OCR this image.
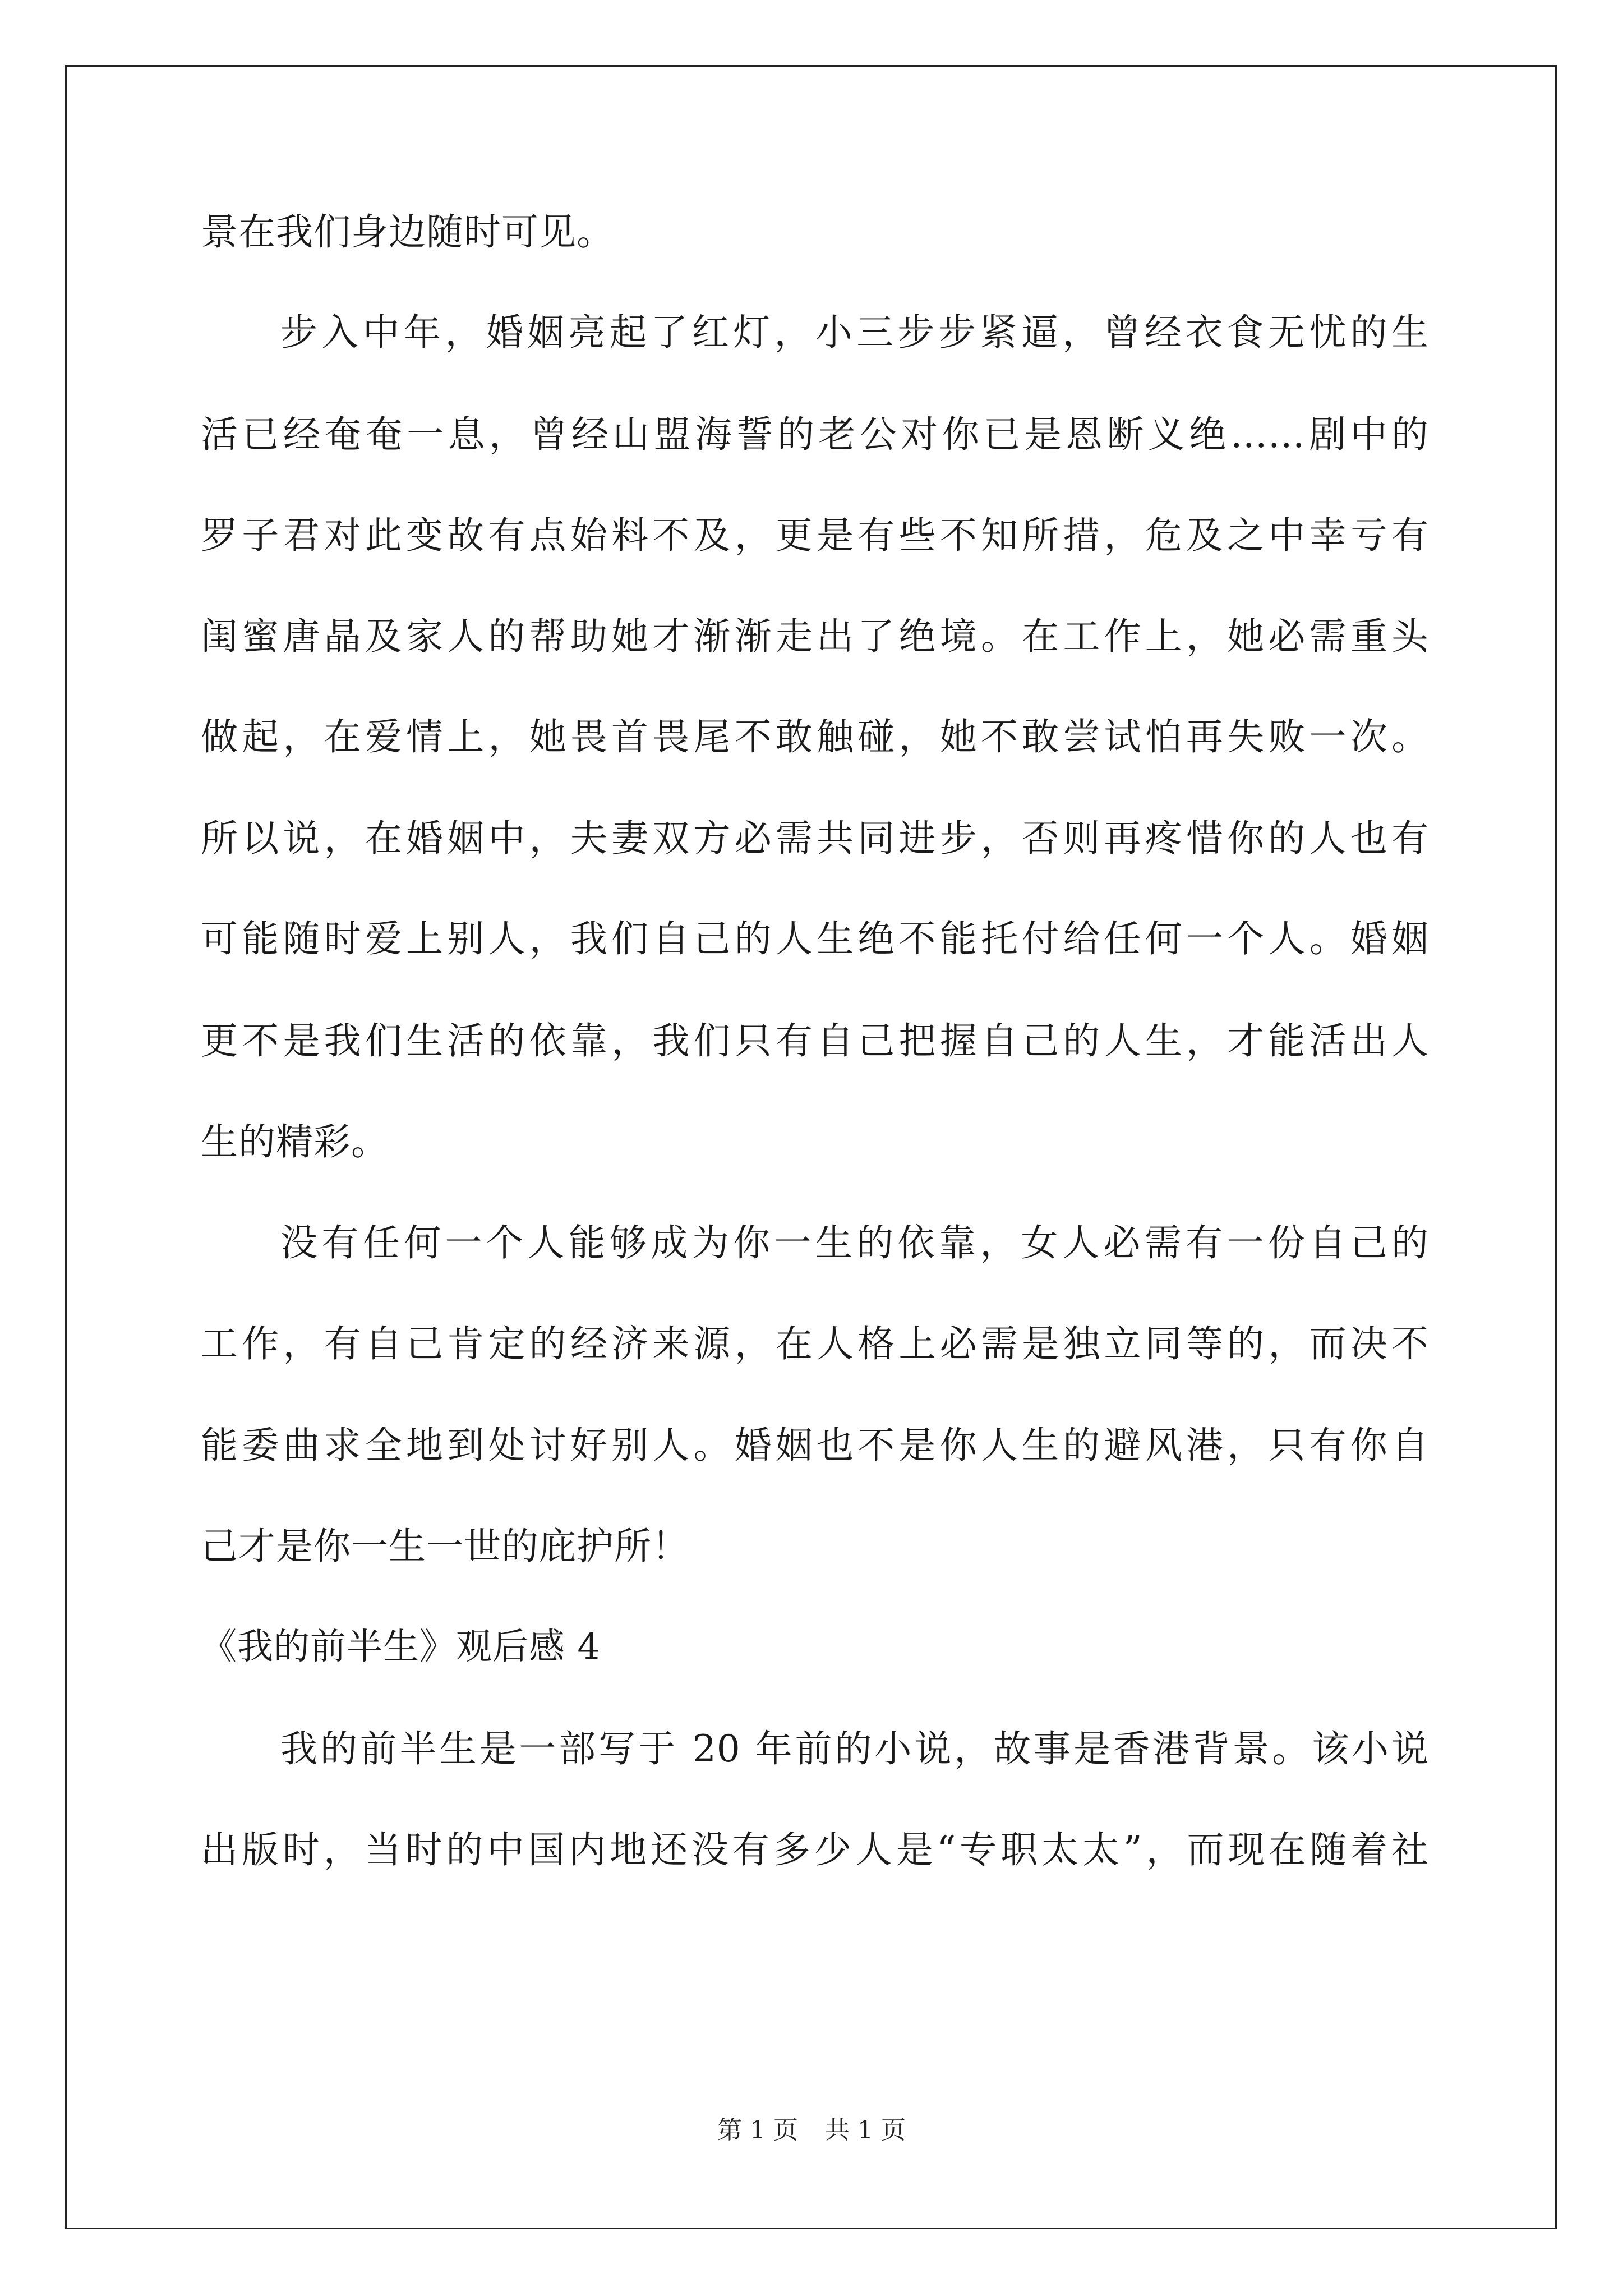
景在我们身边随时可见。
步入中年，婚姻亮起了红灯，小三步步紧逼，曾经衣食无忧的生
活已经奄奄一息，曾经山盟海誓的老公对你已是恩断义绝……剧中的
罗子君对此变故有点始料不及，更是有些不知所措，危及之中幸亏有
闺蜜唐晶及家人的帮助她才渐渐走出了绝境。在工作上，她必需重头
做起，在爱情上，她畏首畏尾不敢触碰，她不敢尝试怕再失败一次。
所以说，在婚姻中，夫妻双方必需共同进步，否则再疼惜你的人也有
可能随时爱上别人，我们自己的人生绝不能托付给任何一个人。婚姻
更不是我们生活的依靠，我们只有自己把握自己的人生，才能活出人
生的精彩。
没有任何一个人能够成为你一生的依靠，女人必需有一份自己的
工作，有自己肯定的经济来源，在人格上必需是独立同等的，而决不
能委曲求全地到处讨好别人。婚姻也不是你人生的避风港，只有你自
己才是你一生一世的庇护所！
《我的前半生》观后感 4
我的前半生是一部写于 20 年前的小说，故事是香港背景。该小说
出版时，当时的中国内地还没有多少人是“专职太太”，而现在随着社
第 1 页 共 1 页
